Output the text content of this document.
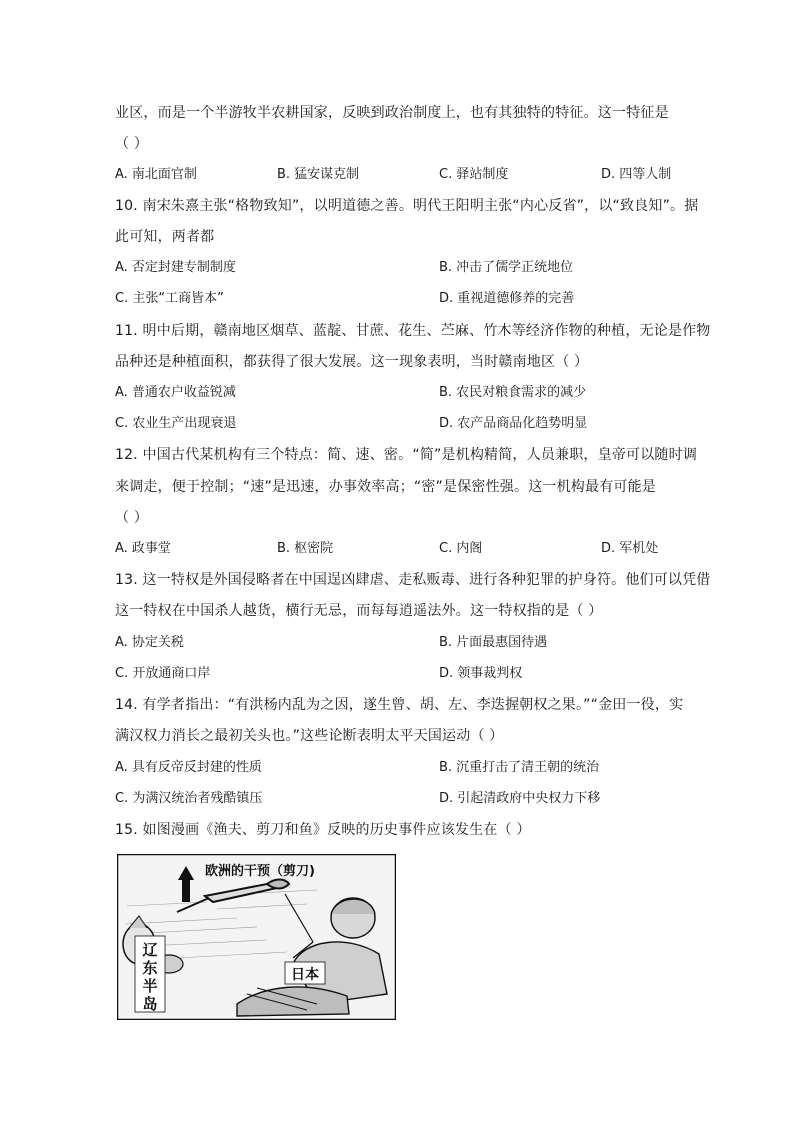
业区，而是一个半游牧半农耕国家，反映到政治制度上，也有其独特的特征。这一特征是
（ ）
A. 南北面官制	B. 猛安谋克制	C. 驿站制度	D. 四等人制
10. 南宋朱熹主张“格物致知”，以明道德之善。明代王阳明主张“内心反省”，以“致良知”。据
此可知，两者都
A. 否定封建专制制度	B. 冲击了儒学正统地位
C. 主张“工商皆本”	D. 重视道德修养的完善
11. 明中后期，赣南地区烟草、蓝靛、甘蔗、花生、苎麻、竹木等经济作物的种植，无论是作物
品种还是种植面积，都获得了很大发展。这一现象表明，当时赣南地区（ ）
A. 普通农户收益锐减	B. 农民对粮食需求的减少
C. 农业生产出现衰退	D. 农产品商品化趋势明显
12. 中国古代某机构有三个特点：简、速、密。“简”是机构精简，人员兼职，皇帝可以随时调
来调走，便于控制；“速”是迅速，办事效率高；“密”是保密性强。这一机构最有可能是
（ ）
A. 政事堂	B. 枢密院	C. 内阁	D. 军机处
13. 这一特权是外国侵略者在中国逞凶肆虐、走私贩毒、进行各种犯罪的护身符。他们可以凭借
这一特权在中国杀人越货，横行无忌，而每每逍遥法外。这一特权指的是（ ）
A. 协定关税	B. 片面最惠国待遇
C. 开放通商口岸	D. 领事裁判权
14. 有学者指出：“有洪杨内乱为之因，遂生曾、胡、左、李迭握朝权之果。”“金田一役，实
满汉权力消长之最初关头也。”这些论断表明太平天国运动（ ）
A. 具有反帝反封建的性质	B. 沉重打击了清王朝的统治
C. 为满汉统治者残酷镇压	D. 引起清政府中央权力下移
15. 如图漫画《渔夫、剪刀和鱼》反映的历史事件应该发生在（ ）
欧洲的干预（剪刀)
辽
东
半
岛
日本
